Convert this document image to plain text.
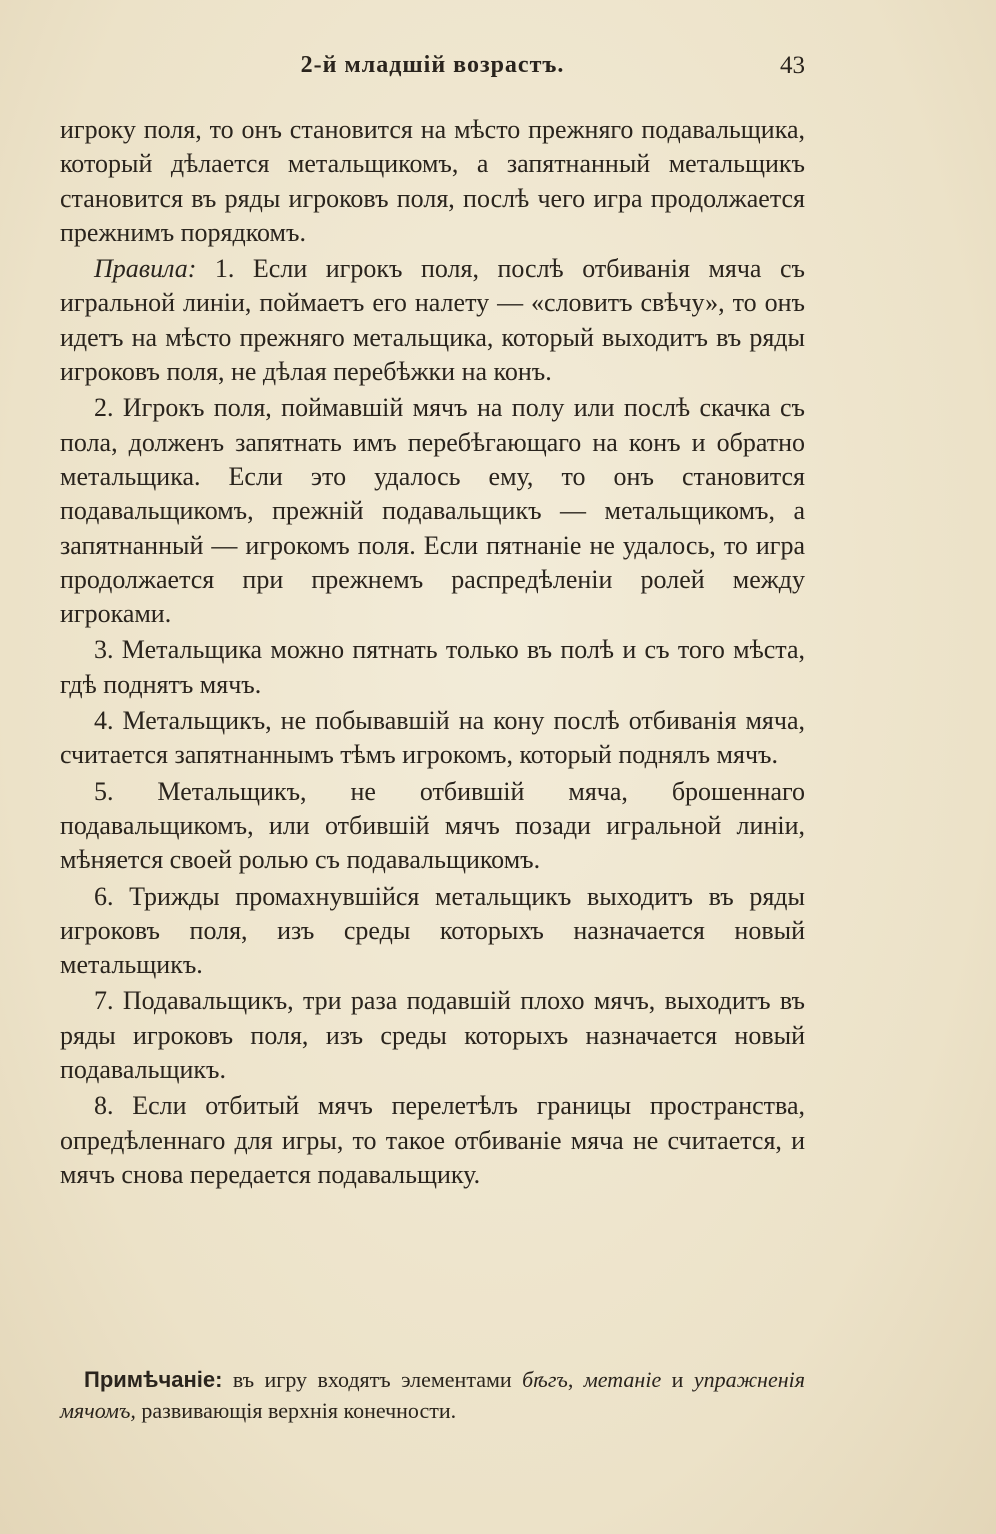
2-й младшій возрастъ.	43

игроку поля, то онъ становится на мѣсто прежняго подавальщика, который дѣлается метальщикомъ, а запятнанный метальщикъ становится въ ряды игроковъ поля, послѣ чего игра продолжается прежнимъ порядкомъ.

Правила: 1. Если игрокъ поля, послѣ отбиванія мяча съ игральной линіи, поймаетъ его налету — «словитъ свѣчу», то онъ идетъ на мѣсто прежняго метальщика, который выходитъ въ ряды игроковъ поля, не дѣлая перебѣжки на конъ.

2. Игрокъ поля, поймавшій мячъ на полу или послѣ скачка съ пола, долженъ запятнать имъ перебѣгающаго на конъ и обратно метальщика. Если это удалось ему, то онъ становится подавальщикомъ, прежній подавальщикъ — метальщикомъ, а запятнанный — игрокомъ поля. Если пятнаніе не удалось, то игра продолжается при прежнемъ распредѣленіи ролей между игроками.

3. Метальщика можно пятнать только въ полѣ и съ того мѣста, гдѣ поднятъ мячъ.

4. Метальщикъ, не побывавшій на кону послѣ отбиванія мяча, считается запятнаннымъ тѣмъ игрокомъ, который поднялъ мячъ.

5. Метальщикъ, не отбившій мяча, брошеннаго подавальщикомъ, или отбившій мячъ позади игральной линіи, мѣняется своей ролью съ подавальщикомъ.

6. Трижды промахнувшійся метальщикъ выходитъ въ ряды игроковъ поля, изъ среды которыхъ назначается новый метальщикъ.

7. Подавальщикъ, три раза подавшій плохо мячъ, выходитъ въ ряды игроковъ поля, изъ среды которыхъ назначается новый подавальщикъ.

8. Если отбитый мячъ перелетѣлъ границы пространства, опредѣленнаго для игры, то такое отбиваніе мяча не считается, и мячъ снова передается подавальщику.

Примѣчаніе: въ игру входятъ элементами бѣгъ, метаніе и упражненія мячомъ, развивающія верхнія конечности.
